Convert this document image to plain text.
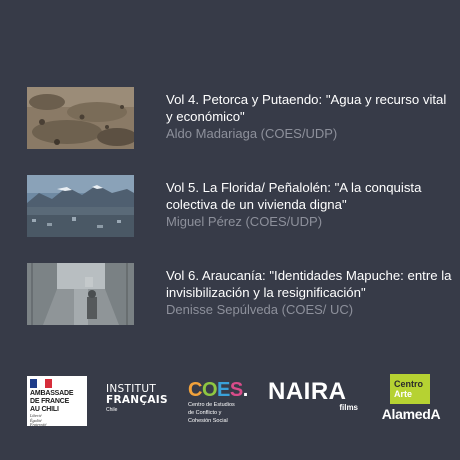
Vol 4. Petorca y Putaendo: "Agua y recurso vital y económico"
Aldo Madariaga (COES/UDP)
Vol 5. La Florida/ Peñalolén: "A la conquista colectiva de un vivienda digna"
Miguel Pérez (COES/UDP)
Vol 6. Araucanía: "Identidades Mapuche: entre la invisibilización y la resignificación"
Denisse Sepúlveda (COES/ UC)
AMBASSADE
DE FRANCE
AU CHILI
Liberté
Égalité
Fraternité
INSTITUT
FRANÇAIS
Chile
COES.
Centro de Estudios
de Conflicto y
Cohesión Social
NAIRA
films
Centro
Arte
AlamedA
